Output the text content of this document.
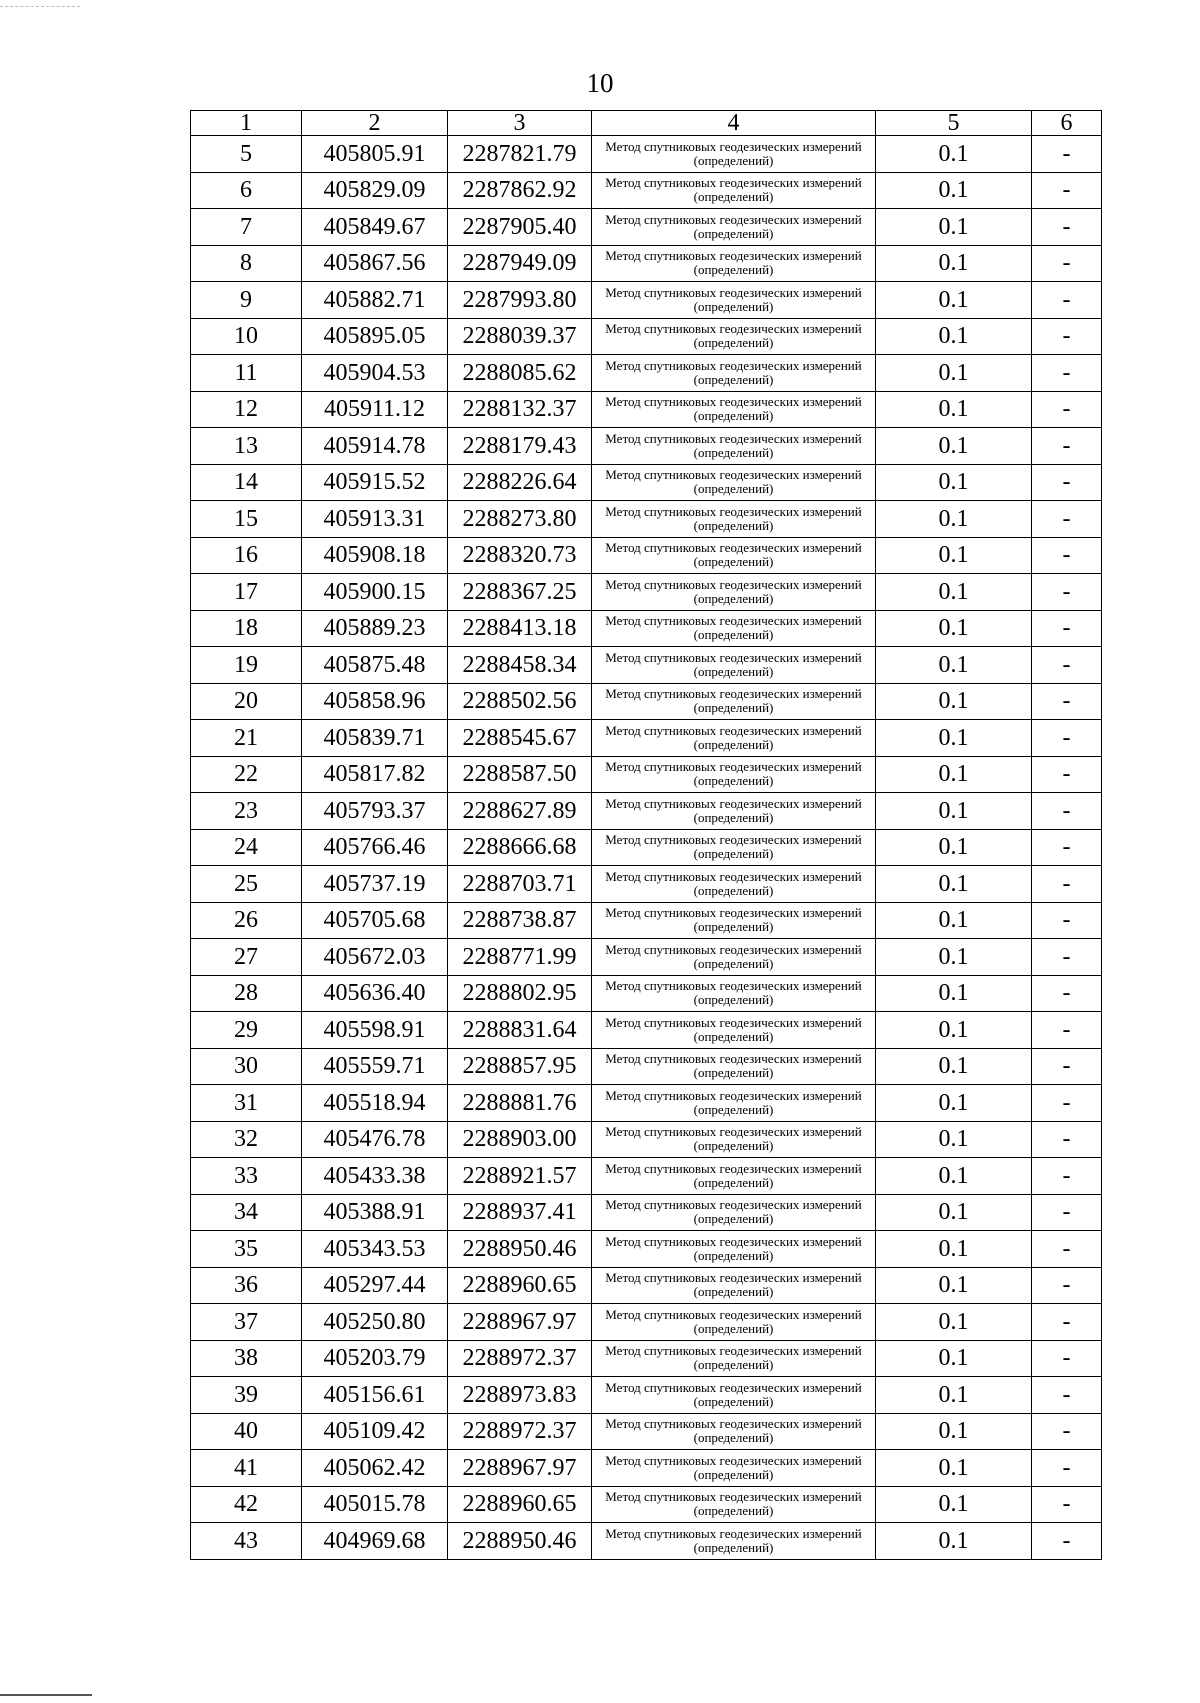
10
1	2	3	4	5	6
5	405805.91	2287821.79	Метод спутниковых геодезических измерений (определений)	0.1	-
6	405829.09	2287862.92	Метод спутниковых геодезических измерений (определений)	0.1	-
7	405849.67	2287905.40	Метод спутниковых геодезических измерений (определений)	0.1	-
8	405867.56	2287949.09	Метод спутниковых геодезических измерений (определений)	0.1	-
9	405882.71	2287993.80	Метод спутниковых геодезических измерений (определений)	0.1	-
10	405895.05	2288039.37	Метод спутниковых геодезических измерений (определений)	0.1	-
11	405904.53	2288085.62	Метод спутниковых геодезических измерений (определений)	0.1	-
12	405911.12	2288132.37	Метод спутниковых геодезических измерений (определений)	0.1	-
13	405914.78	2288179.43	Метод спутниковых геодезических измерений (определений)	0.1	-
14	405915.52	2288226.64	Метод спутниковых геодезических измерений (определений)	0.1	-
15	405913.31	2288273.80	Метод спутниковых геодезических измерений (определений)	0.1	-
16	405908.18	2288320.73	Метод спутниковых геодезических измерений (определений)	0.1	-
17	405900.15	2288367.25	Метод спутниковых геодезических измерений (определений)	0.1	-
18	405889.23	2288413.18	Метод спутниковых геодезических измерений (определений)	0.1	-
19	405875.48	2288458.34	Метод спутниковых геодезических измерений (определений)	0.1	-
20	405858.96	2288502.56	Метод спутниковых геодезических измерений (определений)	0.1	-
21	405839.71	2288545.67	Метод спутниковых геодезических измерений (определений)	0.1	-
22	405817.82	2288587.50	Метод спутниковых геодезических измерений (определений)	0.1	-
23	405793.37	2288627.89	Метод спутниковых геодезических измерений (определений)	0.1	-
24	405766.46	2288666.68	Метод спутниковых геодезических измерений (определений)	0.1	-
25	405737.19	2288703.71	Метод спутниковых геодезических измерений (определений)	0.1	-
26	405705.68	2288738.87	Метод спутниковых геодезических измерений (определений)	0.1	-
27	405672.03	2288771.99	Метод спутниковых геодезических измерений (определений)	0.1	-
28	405636.40	2288802.95	Метод спутниковых геодезических измерений (определений)	0.1	-
29	405598.91	2288831.64	Метод спутниковых геодезических измерений (определений)	0.1	-
30	405559.71	2288857.95	Метод спутниковых геодезических измерений (определений)	0.1	-
31	405518.94	2288881.76	Метод спутниковых геодезических измерений (определений)	0.1	-
32	405476.78	2288903.00	Метод спутниковых геодезических измерений (определений)	0.1	-
33	405433.38	2288921.57	Метод спутниковых геодезических измерений (определений)	0.1	-
34	405388.91	2288937.41	Метод спутниковых геодезических измерений (определений)	0.1	-
35	405343.53	2288950.46	Метод спутниковых геодезических измерений (определений)	0.1	-
36	405297.44	2288960.65	Метод спутниковых геодезических измерений (определений)	0.1	-
37	405250.80	2288967.97	Метод спутниковых геодезических измерений (определений)	0.1	-
38	405203.79	2288972.37	Метод спутниковых геодезических измерений (определений)	0.1	-
39	405156.61	2288973.83	Метод спутниковых геодезических измерений (определений)	0.1	-
40	405109.42	2288972.37	Метод спутниковых геодезических измерений (определений)	0.1	-
41	405062.42	2288967.97	Метод спутниковых геодезических измерений (определений)	0.1	-
42	405015.78	2288960.65	Метод спутниковых геодезических измерений (определений)	0.1	-
43	404969.68	2288950.46	Метод спутниковых геодезических измерений (определений)	0.1	-
